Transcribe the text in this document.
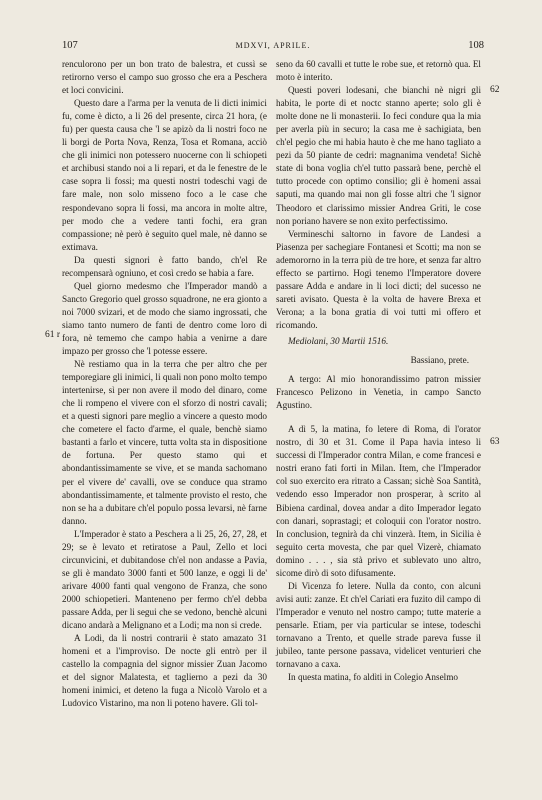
107	MDXVI, APRILE.	108
61 r
62
63

renculorono per un bon trato de balestra, et cussì se retirorno verso el campo suo grosso che era a Peschera et loci convicini.

Questo dare a l'arma per la venuta de li dicti inimici fu, come è dicto, a li 26 del presente, circa 21 hora, (e fu) per questa causa che 'l se apizò da li nostri foco ne li borgi de Porta Nova, Renza, Tosa et Romana, acciò che gli inimici non potessero nuocerne con li schiopeti et archibusi stando noi a li repari, et da le fenestre de le case sopra li fossi; ma questi nostri todeschi vagi de fare male, non solo misseno foco a le case che respondevano sopra li fossi, ma ancora in molte altre, per modo che a vedere tanti fochi, era gran compassione; nè però è seguito quel male, nè danno se extimava.

Da questi signori è fatto bando, ch'el Re recompensarà ogniuno, et così credo se habia a fare.

Quel giorno medesmo che l'Imperador mandò a Sancto Gregorio quel grosso squadrone, ne era gionto a noi 7000 svizari, et de modo che siamo ingrossati, che siamo tanto numero de fanti de dentro come loro di fora, nè tememo che campo habia a venirne a dare impazo per grosso che 'l potesse essere.

Nè restiamo qua in la terra che per altro che per temporegiare gli inimici, li quali non pono molto tempo intertenirse, sì per non avere il modo del dinaro, come che li rompeno el vivere con el sforzo di nostri cavali; et a questi signori pare meglio a vincere a questo modo che cometere el facto d'arme, el quale, benchè siamo bastanti a farlo et vincere, tutta volta sta in dispositione de fortuna. Per questo stamo qui et abondantissimamente se vive, et se manda sachomano per el vivere de' cavalli, ove se conduce qua stramo abondantissimamente, et talmente provisto el resto, che non se ha a dubitare ch'el populo possa levarsi, nè farne danno.

L'Imperador è stato a Peschera a li 25, 26, 27, 28, et 29; se è levato et retiratose a Paul, Zello et loci circunvicini, et dubitandose ch'el non andasse a Pavia, se gli è mandato 3000 fanti et 500 lanze, e oggi li de' arivare 4000 fanti qual vengono de Franza, che sono 2000 schiopetieri. Manteneno per fermo ch'el debba passare Adda, per li segui che se vedono, benchè alcuni dicano andarà a Melignano et a Lodi; ma non si crede.

A Lodi, da li nostri contrarii è stato amazato 31 homeni et a l'improviso. De nocte gli entrò per il castello la compagnia del signor missier Zuan Jacomo et del signor Malatesta, et taglierno a pezi da 30 homeni inimici, et deteno la fuga a Nicolò Varolo et a Ludovico Vistarino, ma non li poteno havere. Gli tol-

seno da 60 cavalli et tutte le robe sue, et retornò qua. El moto è interito.

Questi poveri lodesani, che bianchi nè nigri gli habita, le porte di et noctc stanno aperte; solo gli è molte done ne li monasterii. Io feci condure qua la mia per averla più in securo; la casa me è sachigiata, ben ch'el pegio che mi habia hauto è che me hano tagliato a pezi da 50 piante de cedri: magnanima vendeta! Sichè state di bona voglia ch'el tutto passarà bene, perchè el tutto procede con optimo consilio; gli è homeni assai saputi, ma quando mai non gli fosse altri che 'l signor Theodoro et clarissimo missier Andrea Griti, le cose non poriano havere se non exito perfectissimo.

Vermineschi saltorno in favore de Landesi a Piasenza per sachegiare Fontanesi et Scotti; ma non se ademororno in la terra più de tre hore, et senza far altro effecto se partirno. Hogi tenemo l'Imperatore dovere passare Adda e andare in li loci dicti; del sucesso ne sareti avisato. Questa è la volta de havere Brexa et Verona; a la bona gratia di voi tutti mi offero et ricomando.

Mediolani, 30 Martii 1516.

Bassiano, prete.

A tergo: Al mio honorandissimo patron missier Francesco Pelizono in Venetia, in campo Sancto Agustino.

A dì 5, la matina, fo letere di Roma, di l'orator nostro, di 30 et 31. Come il Papa havia inteso li successi di l'Imperador contra Milan, e come francesi e nostri erano fati forti in Milan. Item, che l'Imperador col suo exercito era ritrato a Cassan; sichè Soa Santità, vedendo esso Imperador non prosperar, à scrito al Bibiena cardinal, dovea andar a dito Imperador legato con danari, soprastagi; et coloquii con l'orator nostro. In conclusion, tegnirà da chi vinzerà. Item, in Sicilia è seguito certa movesta, che par quel Vizerè, chiamato domino . . . , sia stà privo et sublevato uno altro, sicome dirò di soto difusamente.

Di Vicenza fo letere. Nulla da conto, con alcuni avisi auti: zanze. Et ch'el Cariati era fuzito dil campo di l'Imperador e venuto nel nostro campo; tutte materie a pensarle. Etiam, per via particular se intese, todeschi tornavano a Trento, et quelle strade pareva fusse il jubileo, tante persone passava, videlicet venturieri che tornavano a caxa.

In questa matina, fo aldìti in Colegio Anselmo
